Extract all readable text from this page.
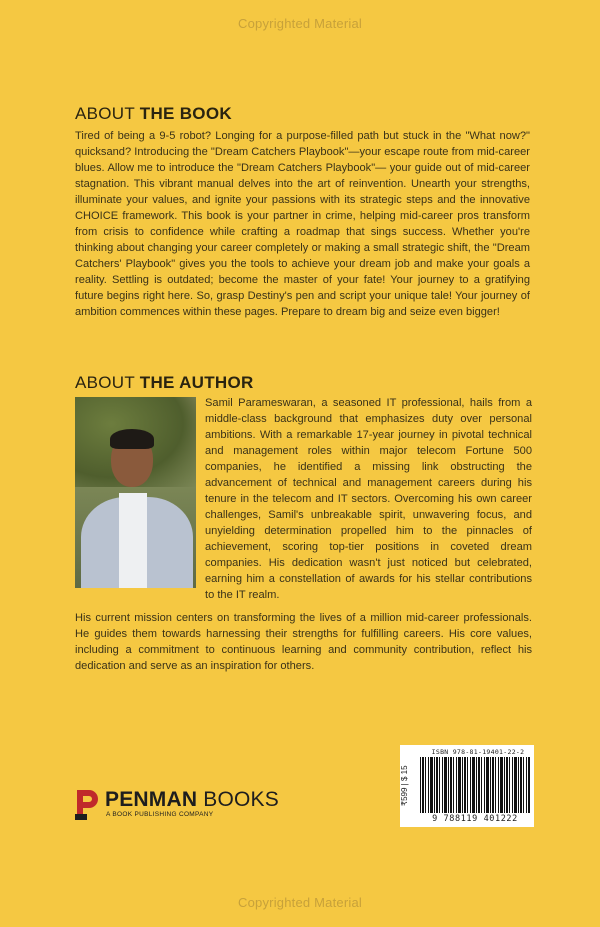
Copyrighted Material
ABOUT THE BOOK

Tired of being a 9-5 robot? Longing for a purpose-filled path but stuck in the "What now?" quicksand? Introducing the "Dream Catchers Playbook"—your escape route from mid-career blues. Allow me to introduce the "Dream Catchers Playbook"— your guide out of mid-career stagnation. This vibrant manual delves into the art of reinvention. Unearth your strengths, illuminate your values, and ignite your passions with its strategic steps and the innovative CHOICE framework. This book is your partner in crime, helping mid-career pros transform from crisis to confidence while crafting a roadmap that sings success. Whether you're thinking about changing your career completely or making a small strategic shift, the "Dream Catchers' Playbook" gives you the tools to achieve your dream job and make your goals a reality. Settling is outdated; become the master of your fate! Your journey to a gratifying future begins right here. So, grasp Destiny's pen and script your unique tale! Your journey of ambition commences within these pages. Prepare to dream big and seize even bigger!

ABOUT THE AUTHOR

Samil Parameswaran, a seasoned IT professional, hails from a middle-class background that emphasizes duty over personal ambitions. With a remarkable 17-year journey in pivotal technical and management roles within major telecom Fortune 500 companies, he identified a missing link obstructing the advancement of technical and management careers during his tenure in the telecom and IT sectors. Overcoming his own career challenges, Samil's unbreakable spirit, unwavering focus, and unyielding determination propelled him to the pinnacles of achievement, scoring top-tier positions in coveted dream companies. His dedication wasn't just noticed but celebrated, earning him a constellation of awards for his stellar contributions to the IT realm.

His current mission centers on transforming the lives of a million mid-career professionals. He guides them towards harnessing their strengths for fulfilling careers. His core values, including a commitment to continuous learning and community contribution, reflect his dedication and serve as an inspiration for others.

PENMAN BOOKS
A BOOK PUBLISHING COMPANY
₹599 | $ 15
ISBN 978-81-19401-22-2
9 788119 401222
Copyrighted Material
